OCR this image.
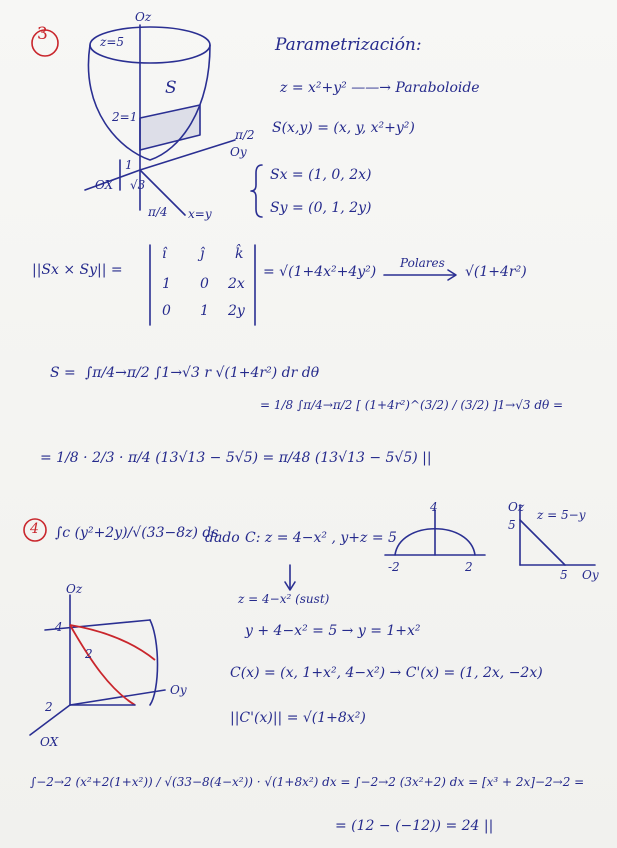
3
Oz
z=5
2=1
S
π/2
Oy
OX
1
√3
π/4 x=y
Parametrización:
z = x²+y² ——→ Paraboloide
S(x,y) = (x, y, x²+y²)
Sx = (1, 0, 2x)
Sy = (0, 1, 2y)
||Sx × Sy|| =
î ĵ k̂
1 0 2x
0 1 2y
= √(1+4x²+4y²)
Polares
√(1+4r²)
S = ∫π/4→π/2 ∫1→√3 r √(1+4r²) dr dθ
= 1/8 ∫π/4→π/2 [ (1+4r²)^(3/2) / (3/2) ]1→√3 dθ =
= 1/8 · 2/3 · π/4 (13√13 − 5√5) = π/48 (13√13 − 5√5) ||
4 ∫c (y²+2y)/√(33−8z) ds
dado C: z = 4−x² , y+z = 5
4
-2	2
Oz
5
z = 5−y
5 Oy
z = 4−x² (sust)
y + 4−x² = 5 → y = 1+x²
Oz
4
Oy
OX
2
2
C(x) = (x, 1+x², 4−x²) → C'(x) = (1, 2x, −2x)
||C'(x)|| = √(1+8x²)
∫−2→2 (x²+2(1+x²)) / √(33−8(4−x²)) · √(1+8x²) dx = ∫−2→2 (3x²+2) dx = [x³ + 2x]−2→2 =
= (12 − (−12)) = 24 ||
